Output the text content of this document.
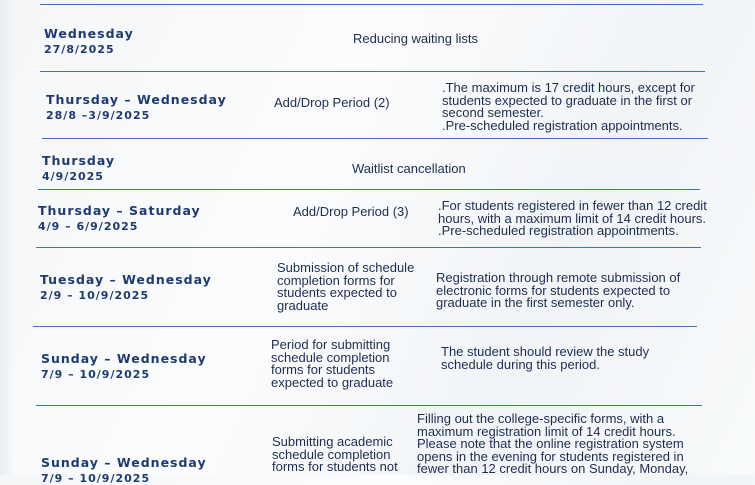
Wednesday
27/8/2025
Reducing waiting lists
Thursday – Wednesday
28/8 –3/9/2025
Add/Drop Period (2)
.The maximum is 17 credit hours, except for students expected to graduate in the first or second semester.
.Pre-scheduled registration appointments.
Thursday
4/9/2025
Waitlist cancellation
Thursday – Saturday
4/9 – 6/9/2025
Add/Drop Period (3) .For students registered in fewer than 12 credit hours, with a maximum limit of 14 credit hours.
.Pre-scheduled registration appointments.
Tuesday – Wednesday
2/9 – 10/9/2025
Submission of schedule completion forms for students expected to graduate
Registration through remote submission of electronic forms for students expected to graduate in the first semester only.
Sunday – Wednesday
7/9 – 10/9/2025
Period for submitting schedule completion forms for students expected to graduate
The student should review the study schedule during this period.
Sunday – Wednesday
7/9 – 10/9/2025
Submitting academic schedule completion forms for students not
Filling out the college-specific forms, with a maximum registration limit of 14 credit hours. Please note that the online registration system opens in the evening for students registered in fewer than 12 credit hours on Sunday, Monday,
